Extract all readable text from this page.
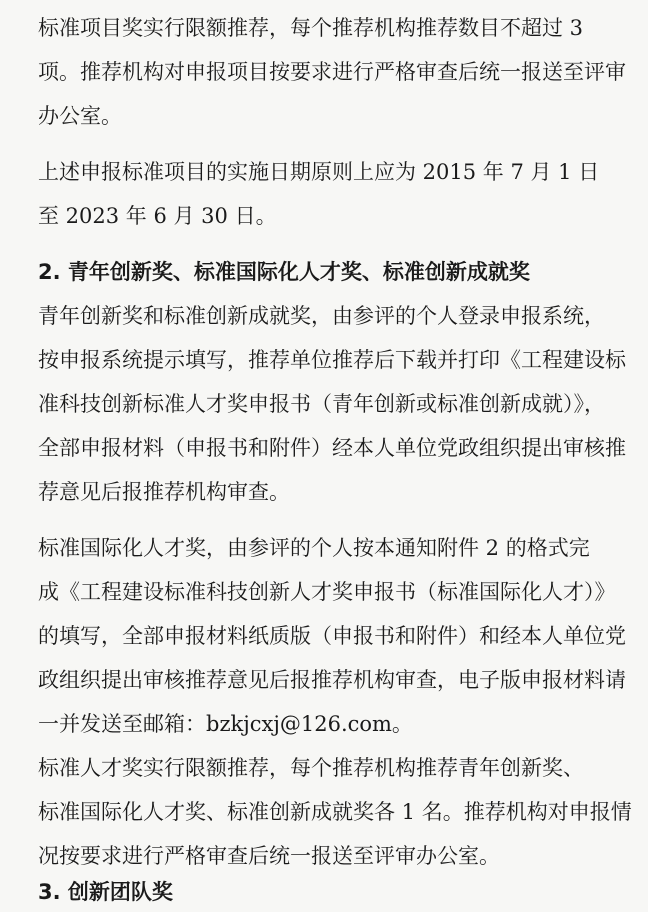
标准项目奖实行限额推荐，每个推荐机构推荐数目不超过 3
项。推荐机构对申报项目按要求进行严格审查后统一报送至评审
办公室。
上述申报标准项目的实施日期原则上应为 2015 年 7 月 1 日
至 2023 年 6 月 30 日。
2. 青年创新奖、标准国际化人才奖、标准创新成就奖
青年创新奖和标准创新成就奖，由参评的个人登录申报系统，
按申报系统提示填写，推荐单位推荐后下载并打印《工程建设标
准科技创新标准人才奖申报书（青年创新或标准创新成就）》，
全部申报材料（申报书和附件）经本人单位党政组织提出审核推
荐意见后报推荐机构审查。
标准国际化人才奖，由参评的个人按本通知附件 2 的格式完
成《工程建设标准科技创新人才奖申报书（标准国际化人才）》
的填写，全部申报材料纸质版（申报书和附件）和经本人单位党
政组织提出审核推荐意见后报推荐机构审查，电子版申报材料请
一并发送至邮箱：bzkjcxj@126.com。
标准人才奖实行限额推荐，每个推荐机构推荐青年创新奖、
标准国际化人才奖、标准创新成就奖各 1 名。推荐机构对申报情
况按要求进行严格审查后统一报送至评审办公室。
3. 创新团队奖
